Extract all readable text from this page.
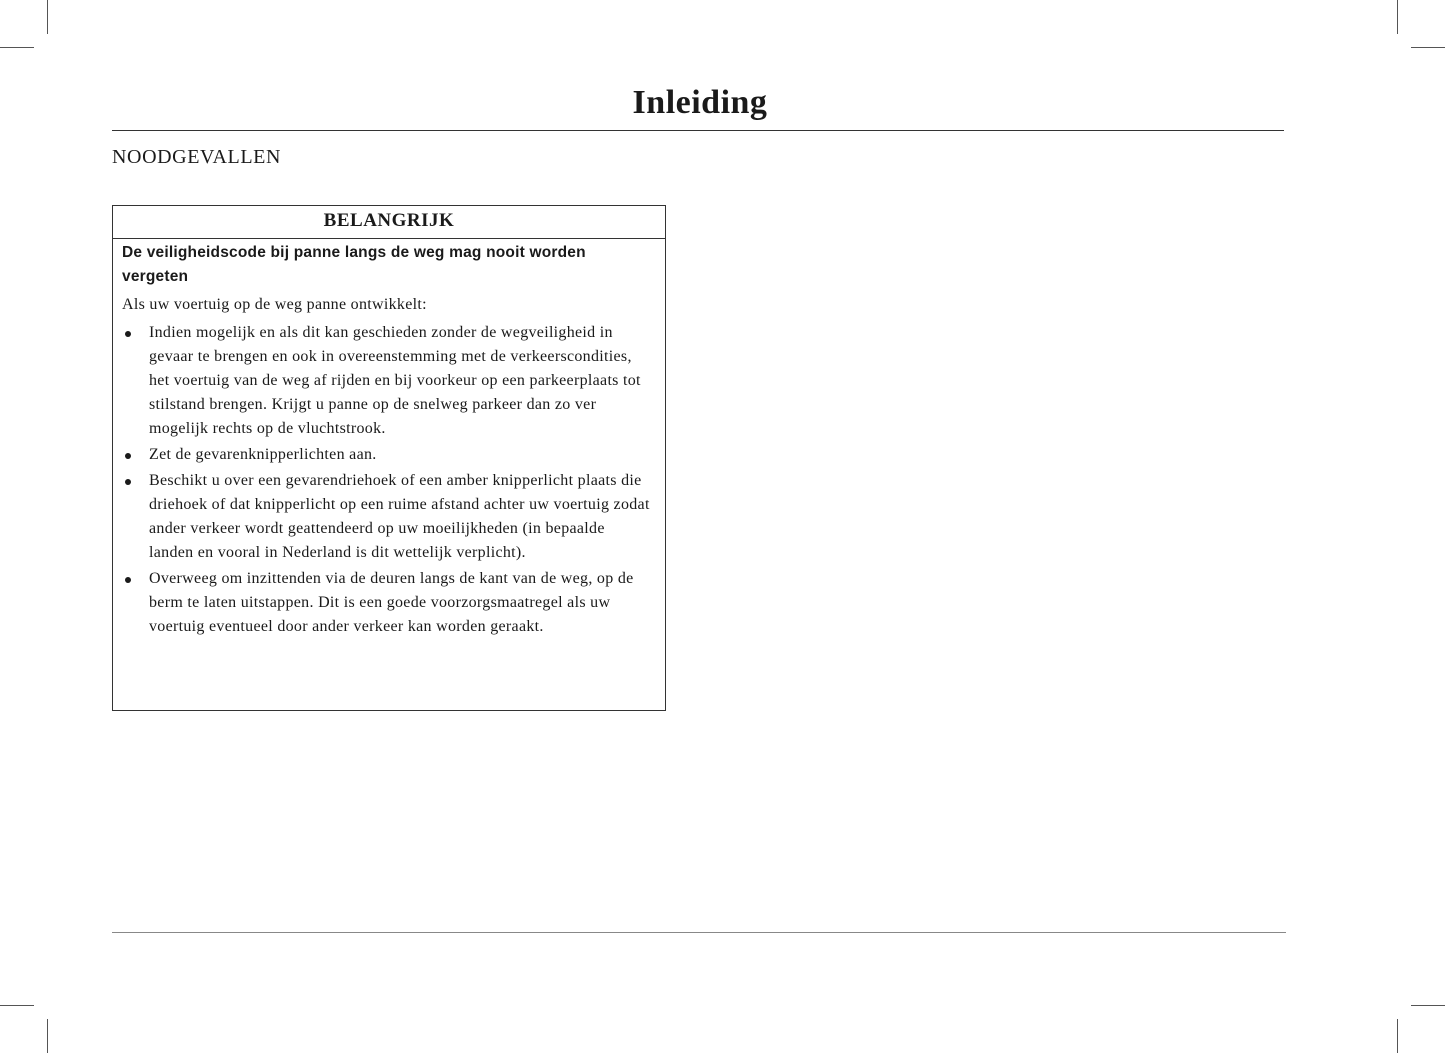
Inleiding
NOODGEVALLEN
BELANGRIJK

De veiligheidscode bij panne langs de weg mag nooit worden vergeten

Als uw voertuig op de weg panne ontwikkelt:

Indien mogelijk en als dit kan geschieden zonder de wegveiligheid in gevaar te brengen en ook in overeenstemming met de verkeerscondities, het voertuig van de weg af rijden en bij voorkeur op een parkeerplaats tot stilstand brengen. Krijgt u panne op de snelweg parkeer dan zo ver mogelijk rechts op de vluchtstrook.
Zet de gevarenknipperlichten aan.
Beschikt u over een gevarendriehoek of een amber knipperlicht plaats die driehoek of dat knipperlicht op een ruime afstand achter uw voertuig zodat ander verkeer wordt geattendeerd op uw moeilijkheden (in bepaalde landen en vooral in Nederland is dit wettelijk verplicht).
Overweeg om inzittenden via de deuren langs de kant van de weg, op de berm te laten uitstappen. Dit is een goede voorzorgsmaatregel als uw voertuig eventueel door ander verkeer kan worden geraakt.
